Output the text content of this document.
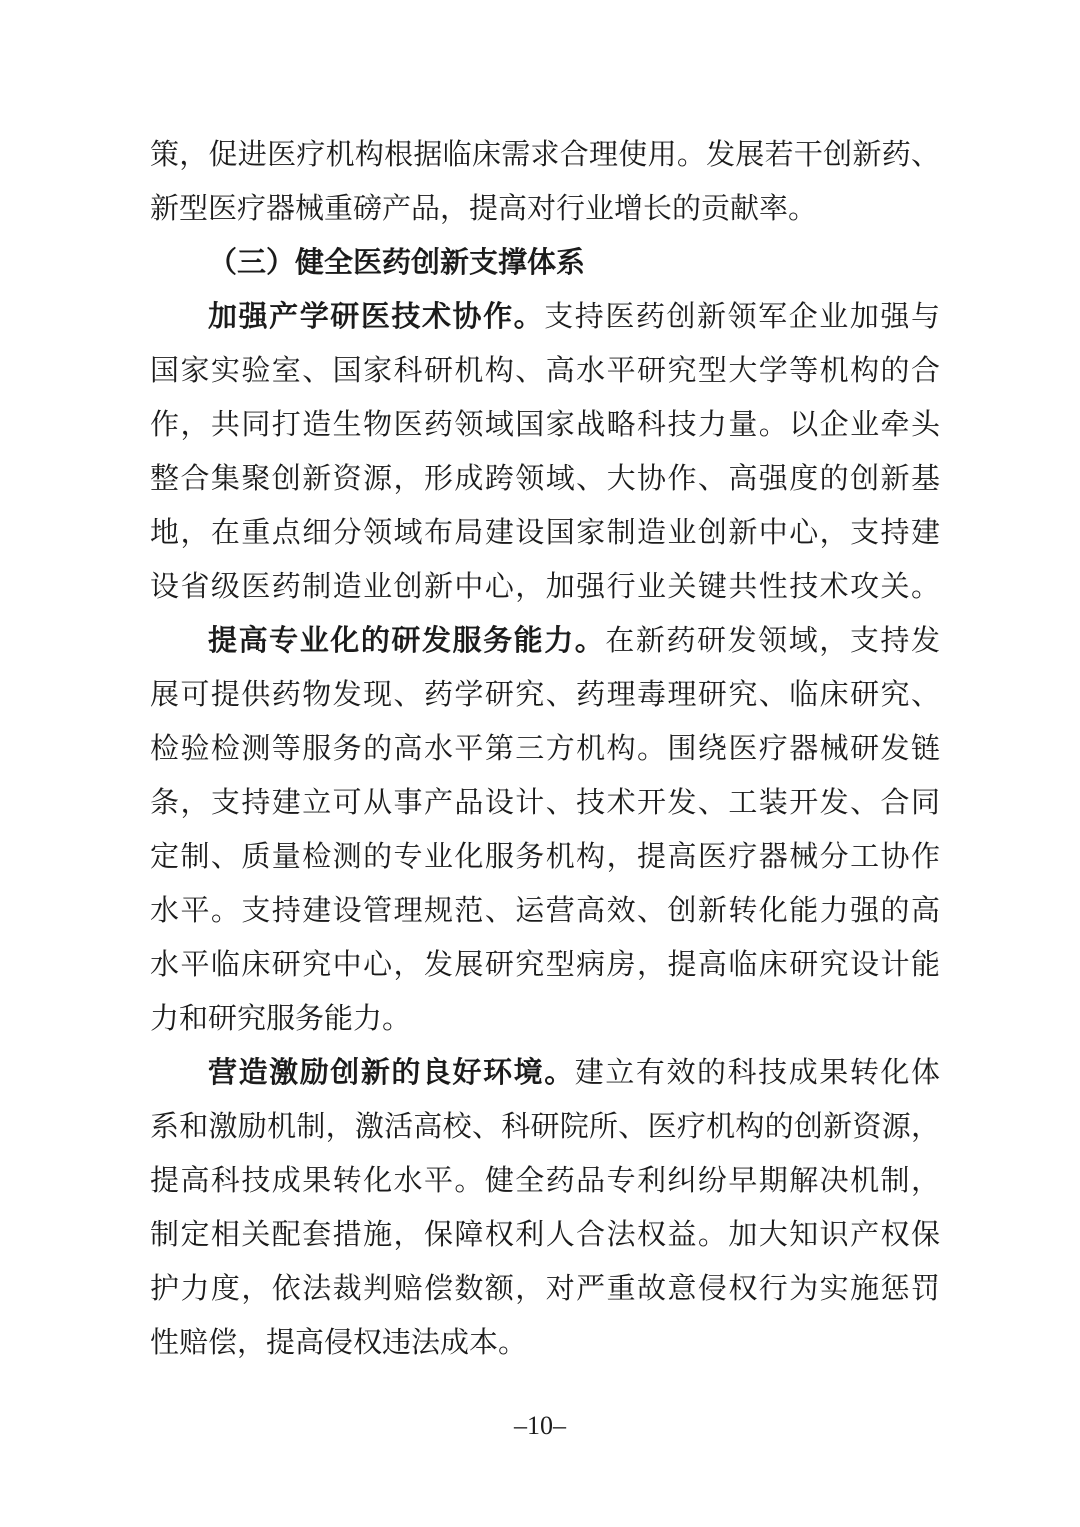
策，促进医疗机构根据临床需求合理使用。发展若干创新药、
新型医疗器械重磅产品，提高对行业增长的贡献率。
（三）健全医药创新支撑体系
加强产学研医技术协作。支持医药创新领军企业加强与
国家实验室、国家科研机构、高水平研究型大学等机构的合
作，共同打造生物医药领域国家战略科技力量。以企业牵头
整合集聚创新资源，形成跨领域、大协作、高强度的创新基
地，在重点细分领域布局建设国家制造业创新中心，支持建
设省级医药制造业创新中心，加强行业关键共性技术攻关。
提高专业化的研发服务能力。在新药研发领域，支持发
展可提供药物发现、药学研究、药理毒理研究、临床研究、
检验检测等服务的高水平第三方机构。围绕医疗器械研发链
条，支持建立可从事产品设计、技术开发、工装开发、合同
定制、质量检测的专业化服务机构，提高医疗器械分工协作
水平。支持建设管理规范、运营高效、创新转化能力强的高
水平临床研究中心，发展研究型病房，提高临床研究设计能
力和研究服务能力。
营造激励创新的良好环境。建立有效的科技成果转化体
系和激励机制，激活高校、科研院所、医疗机构的创新资源，
提高科技成果转化水平。健全药品专利纠纷早期解决机制，
制定相关配套措施，保障权利人合法权益。加大知识产权保
护力度，依法裁判赔偿数额，对严重故意侵权行为实施惩罚
性赔偿，提高侵权违法成本。
–10–
